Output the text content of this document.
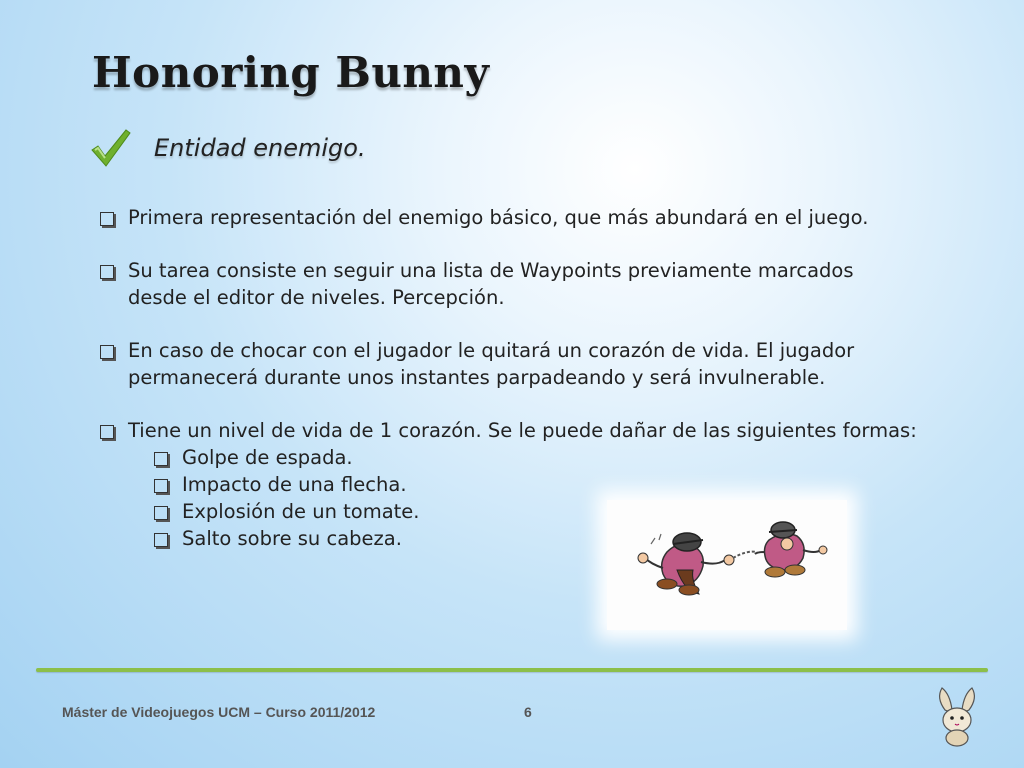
Honoring Bunny
Entidad enemigo.
Primera representación del enemigo básico, que más abundará en el juego.
Su tarea consiste en seguir una lista de Waypoints previamente marcados desde el editor de niveles. Percepción.
En caso de chocar con el jugador le quitará un corazón de vida. El jugador permanecerá durante unos instantes parpadeando y será invulnerable.
Tiene un nivel de vida de 1 corazón. Se le puede dañar de las siguientes formas:
Golpe de espada.
Impacto de una flecha.
Explosión de un tomate.
Salto sobre su cabeza.
Máster de Videojuegos UCM – Curso 2011/2012	6
